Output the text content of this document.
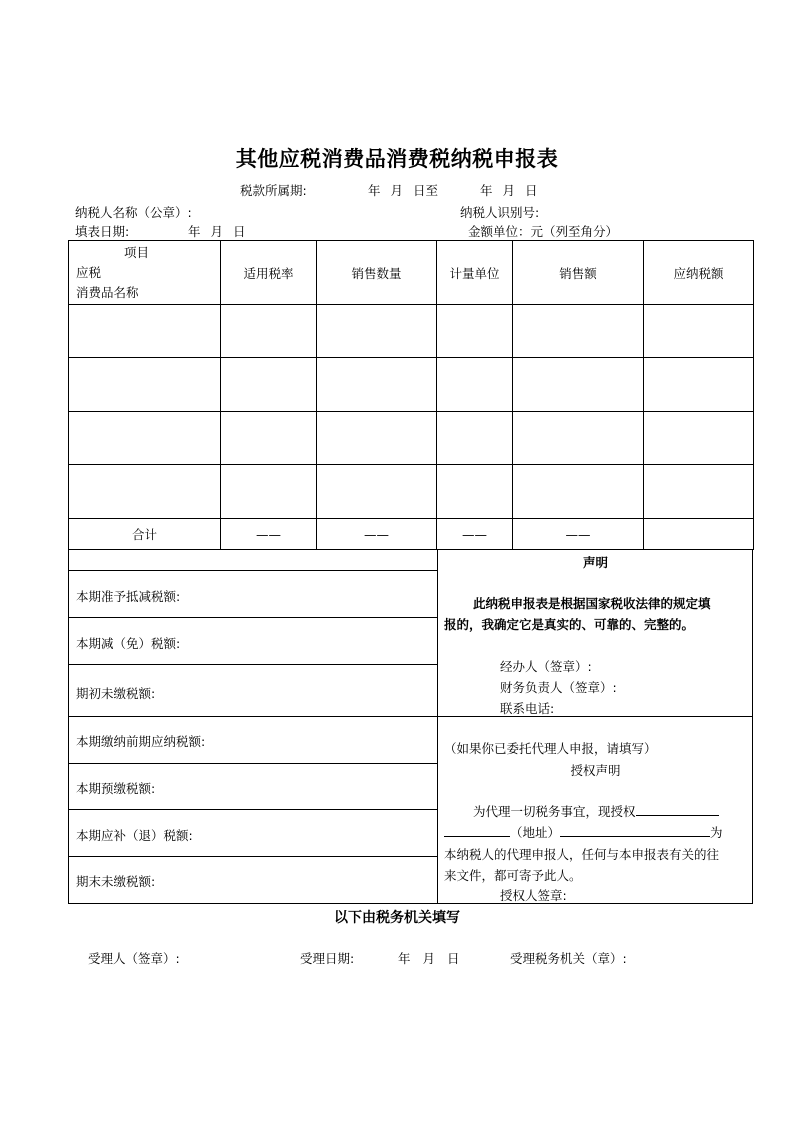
其他应税消费品消费税纳税申报表
税款所属期:	年 月 日至	年 月 日
纳税人名称（公章）:	纳税人识别号:
填表日期:	年 月 日	金额单位：元（列至角分）
项目
应税
消费品名称	适用税率	销售数量	计量单位	销售额	应纳税额

合计	——	——	——	——	
本期准予抵减税额:
本期减（免）税额:
期初未缴税额:
本期缴纳前期应纳税额:
本期预缴税额:
本期应补（退）税额:
期末未缴税额:
声明
此纳税申报表是根据国家税收法律的规定填
报的，我确定它是真实的、可靠的、完整的。
经办人（签章）:
财务负责人（签章）:
联系电话:
（如果你已委托代理人申报，请填写）
授权声明
为代理一切税务事宜，现授权
（地址）	为
本纳税人的代理申报人，任何与本申报表有关的往
来文件，都可寄予此人。
授权人签章:
以下由税务机关填写
受理人（签章）:	受理日期:	年 月 日	受理税务机关（章）:
